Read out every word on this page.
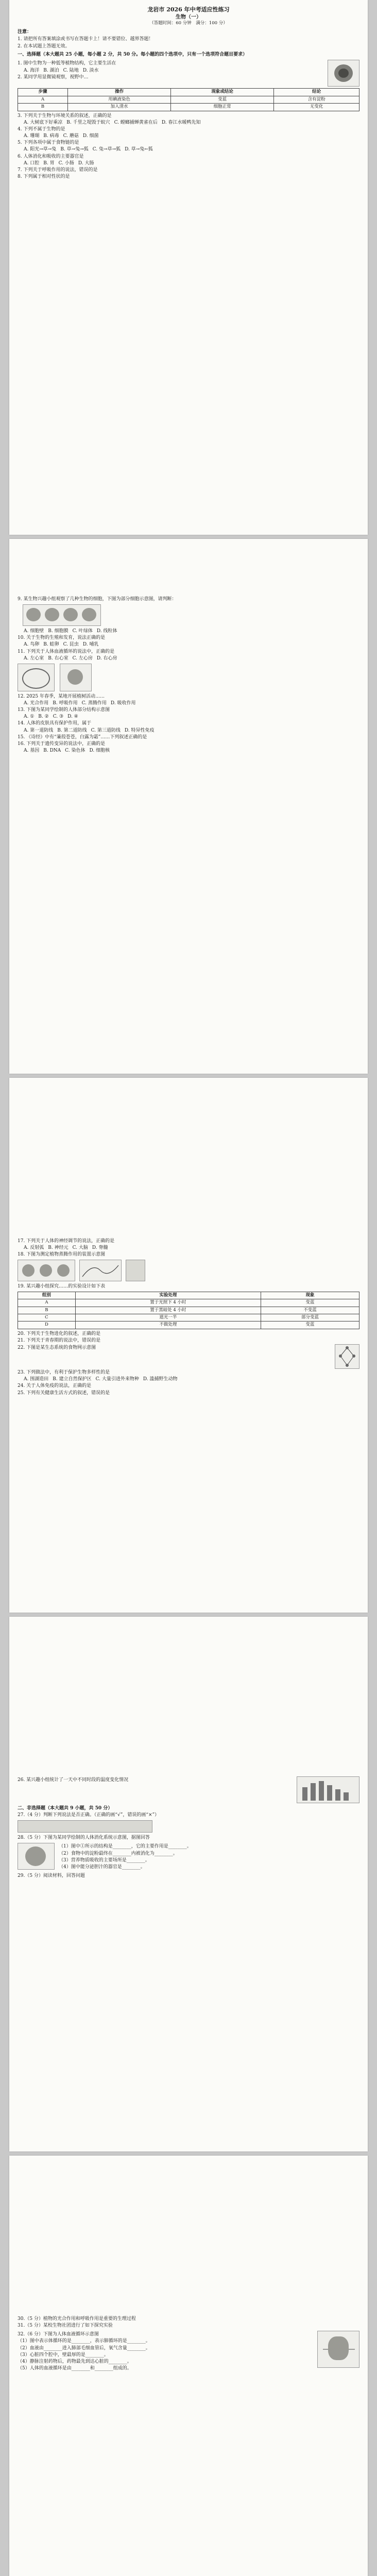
龙岩市 2026 年中考适应性练习
生物（一）
（答题时间：60 分钟　满分：100 分）
注意：
1. 请把所有答案填涂或书写在答题卡上！请不要错位、越界答题！
2. 在本试题上答题无效。
一、选择题（本大题共 25 小题，每小题 2 分，共 50 分。每小题的四个选项中，只有一个选项符合题目要求）
1. 图中生物为一种低等植物结构，它主要生活在
A. 海洋 B. 湖泊 C. 陆地 D. 淡水
2. 某同学用显微镜观察，视野中…
步骤	操作	现象或结论	结论
A	用碘液染色	变蓝	含有淀粉
B	加入清水	细胞正常	无变化
3. 下列关于生物与环境关系的叙述，正确的是
A. 大树底下好乘凉 B. 千里之堤毁于蚁穴 C. 螳螂捕蝉黄雀在后 D. 春江水暖鸭先知
4. 下列不属于生物的是
A. 珊瑚 B. 病毒 C. 蘑菇 D. 细菌
5. 下列各项中属于食物链的是
A. 阳光→草→兔 B. 草→兔→狐 C. 兔→草→狐 D. 草→兔←狐
6. 人体消化和吸收的主要器官是
A. 口腔 B. 胃 C. 小肠 D. 大肠
7. 下列关于呼吸作用的说法，错误的是
8. 下列属于相对性状的是
9. 某生物兴趣小组观察了几种生物的细胞，下图为部分细胞示意图，请判断：
A. 细胞壁 B. 细胞膜 C. 叶绿体 D. 线粒体
10. 关于生物的生殖和发育，说法正确的是
A. 鸟卵 B. 蛙卵 C. 昆虫 D. 哺乳
11. 下列关于人体血液循环的说法中，正确的是
A. 左心室 B. 右心室 C. 左心房 D. 右心房
12. 2025 年春季，某地开展植树活动……
A. 光合作用 B. 呼吸作用 C. 蒸腾作用 D. 吸收作用
13. 下图为某同学绘制的人体部分结构示意图
A. ① B. ② C. ③ D. ④
14. 人体的皮肤具有保护作用，属于
A. 第一道防线 B. 第二道防线 C. 第三道防线 D. 特异性免疫
15. 《诗经》中有“蒹葭苍苍，白露为霜”……下列叙述正确的是
16. 下列关于遗传变异的说法中，正确的是
A. 基因 B. DNA C. 染色体 D. 细胞核
17. 下列关于人体的神经调节的说法，正确的是
A. 反射弧 B. 神经元 C. 大脑 D. 脊髓
18. 下图为测定植物蒸腾作用的装置示意图
19. 某兴趣小组探究……的实验设计如下表
组别	实验处理	现象
A	置于光照下 4 小时	变蓝
B	置于黑暗处 4 小时	不变蓝
C	遮光一半	部分变蓝
D	不做处理	变蓝
20. 下列关于生物进化的叙述，正确的是
21. 下列关于青春期的说法中，错误的是
22. 下图是某生态系统的食物网示意图
23. 下列做法中，有利于保护生物多样性的是
A. 围湖造田 B. 建立自然保护区 C. 大量引进外来物种 D. 滥捕野生动物
24. 关于人体免疫的说法，正确的是
25. 下列有关健康生活方式的叙述，错误的是
26. 某兴趣小组统计了一天中不同时段的温度变化情况
二、非选择题（本大题共 9 小题，共 50 分）
27.（4 分）判断下列说法是否正确。（正确的画“√”，错误的画“×”）
28.（5 分）下图为某同学绘制的人体消化系统示意图，据图回答
（1）图中①所示的结构是________，它的主要作用是________。
（2）食物中的淀粉最终在________内被消化为________。
（3）营养物质吸收的主要场所是________。
（4）图中能分泌胆汁的器官是________。
29.（5 分）阅读材料，回答问题
30.（5 分）植物的光合作用和呼吸作用是重要的生理过程
31.（5 分）某校生物社团进行了如下探究实验
32.（6 分）下图为人体血液循环示意图
（1）图中表示体循环的是________，表示肺循环的是________。
（2）血液由________进入肺部毛细血管后，氧气含量________。
（3）心脏四个腔中，壁最厚的是________。
（4）静脉注射药物后，药物最先到达心脏的________。
（5）人体的血液循环是由________和________组成的。
